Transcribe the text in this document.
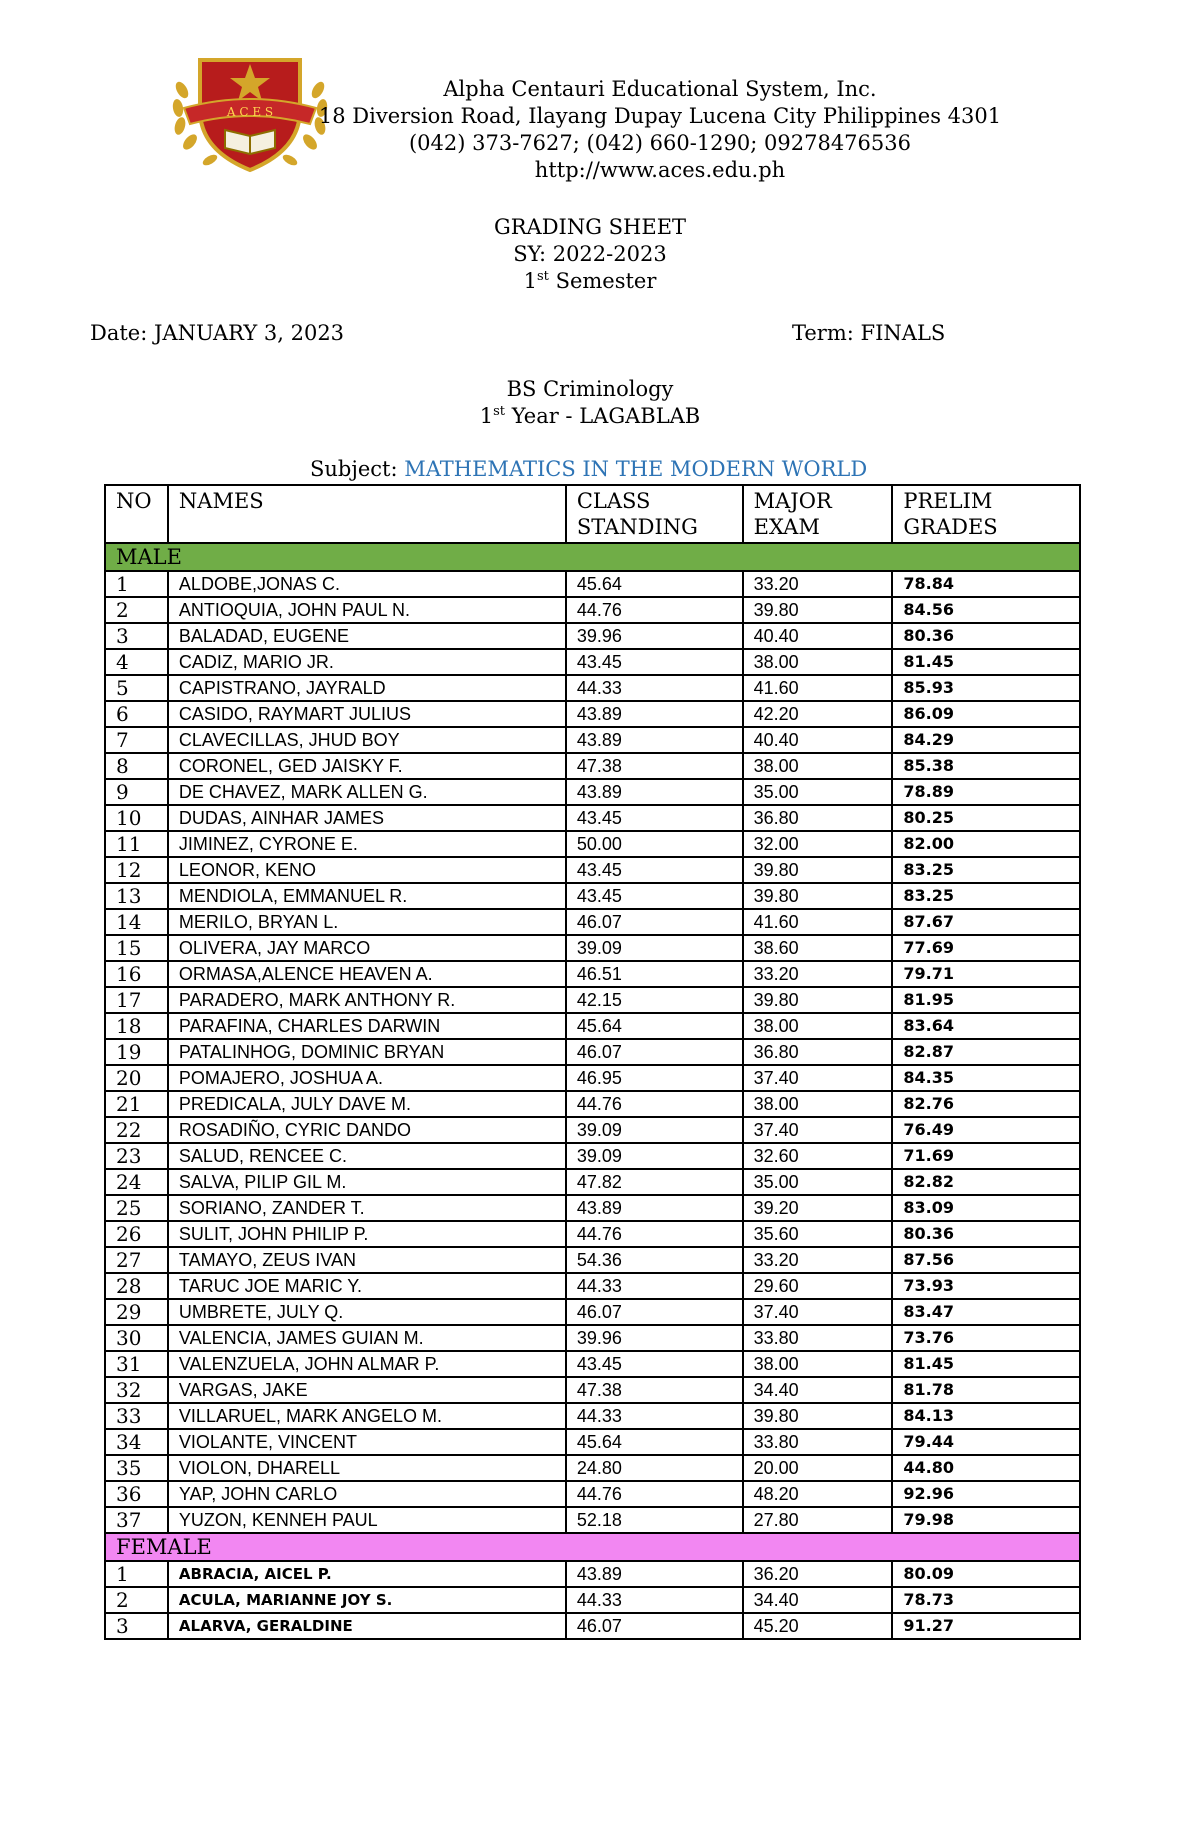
A C E S
Alpha Centauri Educational System, Inc.
18 Diversion Road, Ilayang Dupay Lucena City Philippines 4301
(042) 373-7627; (042) 660-1290; 09278476536
http://www.aces.edu.ph
GRADING SHEET
SY: 2022-2023
1st Semester
Date: JANUARY 3, 2023	Term: FINALS
BS Criminology
1st Year - LAGABLAB
Subject: MATHEMATICS IN THE MODERN WORLD
NO	NAMES	CLASS STANDING	MAJOR EXAM	PRELIM GRADES
MALE				
1	ALDOBE,JONAS C.	45.64	33.20	78.84
2	ANTIOQUIA, JOHN PAUL N.	44.76	39.80	84.56
3	BALADAD, EUGENE	39.96	40.40	80.36
4	CADIZ, MARIO JR.	43.45	38.00	81.45
5	CAPISTRANO, JAYRALD	44.33	41.60	85.93
6	CASIDO, RAYMART JULIUS	43.89	42.20	86.09
7	CLAVECILLAS, JHUD BOY	43.89	40.40	84.29
8	CORONEL, GED JAISKY F.	47.38	38.00	85.38
9	DE CHAVEZ, MARK ALLEN G.	43.89	35.00	78.89
10	DUDAS, AINHAR JAMES	43.45	36.80	80.25
11	JIMINEZ, CYRONE E.	50.00	32.00	82.00
12	LEONOR, KENO	43.45	39.80	83.25
13	MENDIOLA, EMMANUEL R.	43.45	39.80	83.25
14	MERILO, BRYAN L.	46.07	41.60	87.67
15	OLIVERA, JAY MARCO	39.09	38.60	77.69
16	ORMASA,ALENCE HEAVEN A.	46.51	33.20	79.71
17	PARADERO, MARK ANTHONY R.	42.15	39.80	81.95
18	PARAFINA, CHARLES DARWIN	45.64	38.00	83.64
19	PATALINHOG, DOMINIC BRYAN	46.07	36.80	82.87
20	POMAJERO, JOSHUA A.	46.95	37.40	84.35
21	PREDICALA, JULY DAVE M.	44.76	38.00	82.76
22	ROSADIÑO, CYRIC DANDO	39.09	37.40	76.49
23	SALUD, RENCEE C.	39.09	32.60	71.69
24	SALVA, PILIP GIL M.	47.82	35.00	82.82
25	SORIANO, ZANDER T.	43.89	39.20	83.09
26	SULIT, JOHN PHILIP P.	44.76	35.60	80.36
27	TAMAYO, ZEUS IVAN	54.36	33.20	87.56
28	TARUC JOE MARIC Y.	44.33	29.60	73.93
29	UMBRETE, JULY Q.	46.07	37.40	83.47
30	VALENCIA, JAMES GUIAN M.	39.96	33.80	73.76
31	VALENZUELA, JOHN ALMAR P.	43.45	38.00	81.45
32	VARGAS, JAKE	47.38	34.40	81.78
33	VILLARUEL, MARK ANGELO M.	44.33	39.80	84.13
34	VIOLANTE, VINCENT	45.64	33.80	79.44
35	VIOLON, DHARELL	24.80	20.00	44.80
36	YAP, JOHN CARLO	44.76	48.20	92.96
37	YUZON, KENNEH PAUL	52.18	27.80	79.98
FEMALE				
1	ABRACIA, AICEL P.	43.89	36.20	80.09
2	ACULA, MARIANNE JOY S.	44.33	34.40	78.73
3	ALARVA, GERALDINE	46.07	45.20	91.27
